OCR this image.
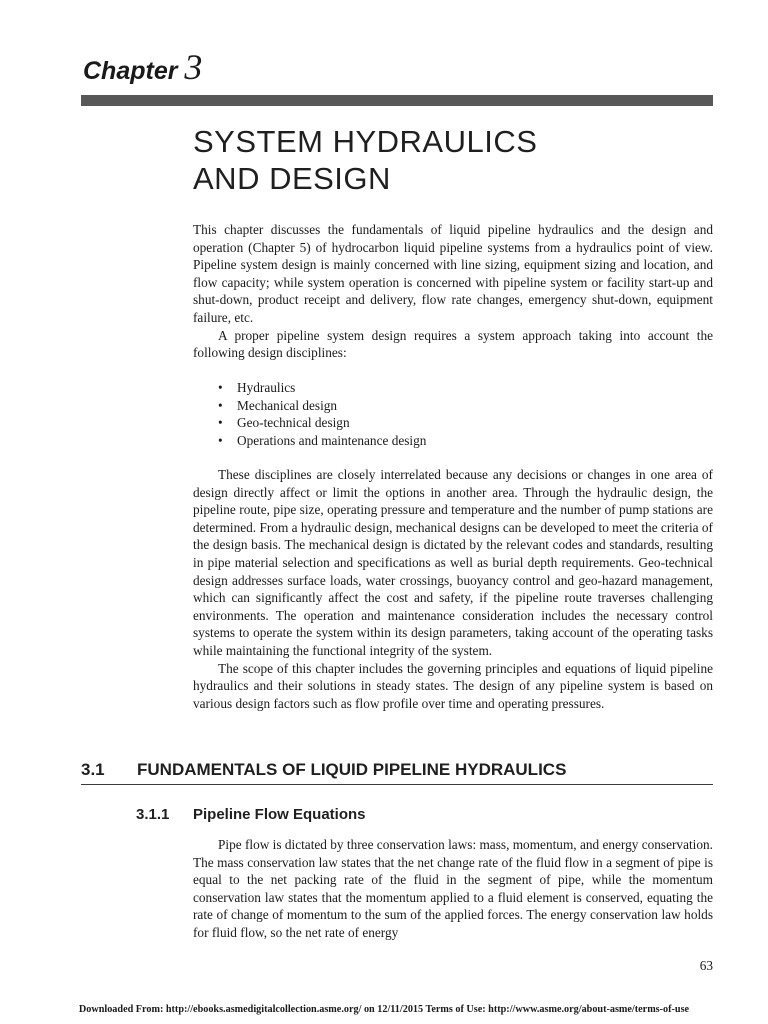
Chapter 3
SYSTEM HYDRAULICS
AND DESIGN

This chapter discusses the fundamentals of liquid pipeline hydraulics and the design and operation (Chapter 5) of hydrocarbon liquid pipeline systems from a hydraulics point of view. Pipeline system design is mainly concerned with line sizing, equipment sizing and location, and flow capacity; while system operation is concerned with pipeline system or facility start-up and shut-down, product receipt and delivery, flow rate changes, emergency shut-down, equipment failure, etc.

A proper pipeline system design requires a system approach taking into account the following design disciplines:

• Hydraulics
• Mechanical design
• Geo-technical design
• Operations and maintenance design

These disciplines are closely interrelated because any decisions or changes in one area of design directly affect or limit the options in another area. Through the hydraulic design, the pipeline route, pipe size, operating pressure and temperature and the number of pump stations are determined. From a hydraulic design, mechanical designs can be developed to meet the criteria of the design basis. The mechanical design is dictated by the relevant codes and standards, resulting in pipe material selection and specifications as well as burial depth requirements. Geo-technical design addresses surface loads, water crossings, buoyancy control and geo-hazard management, which can significantly affect the cost and safety, if the pipeline route traverses challenging environments. The operation and maintenance consideration includes the necessary control systems to operate the system within its design parameters, taking account of the operating tasks while maintaining the functional integrity of the system.

The scope of this chapter includes the governing principles and equations of liquid pipeline hydraulics and their solutions in steady states. The design of any pipeline system is based on various design factors such as flow profile over time and operating pressures.

3.1 FUNDAMENTALS OF LIQUID PIPELINE HYDRAULICS
3.1.1 Pipeline Flow Equations

Pipe flow is dictated by three conservation laws: mass, momentum, and energy conservation. The mass conservation law states that the net change rate of the fluid flow in a segment of pipe is equal to the net packing rate of the fluid in the segment of pipe, while the momentum conservation law states that the momentum applied to a fluid element is conserved, equating the rate of change of momentum to the sum of the applied forces. The energy conservation law holds for fluid flow, so the net rate of energy

63
Downloaded From: http://ebooks.asmedigitalcollection.asme.org/ on 12/11/2015 Terms of Use: http://www.asme.org/about-asme/terms-of-use
